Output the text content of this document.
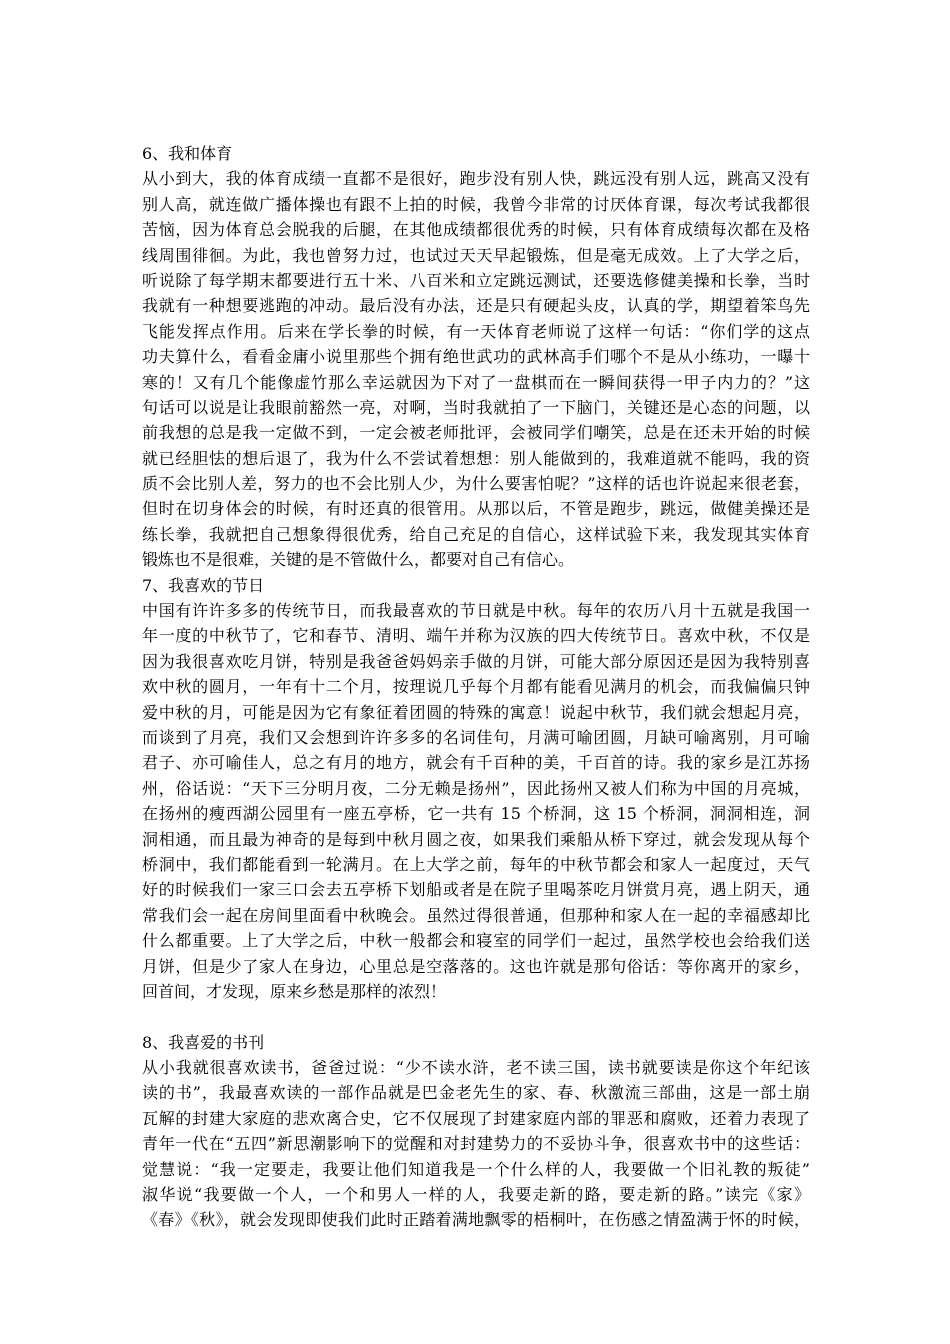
6、我和体育
从小到大，我的体育成绩一直都不是很好，跑步没有别人快，跳远没有别人远，跳高又没有
别人高，就连做广播体操也有跟不上拍的时候，我曾今非常的讨厌体育课，每次考试我都很
苦恼，因为体育总会脱我的后腿，在其他成绩都很优秀的时候，只有体育成绩每次都在及格
线周围徘徊。为此，我也曾努力过，也试过天天早起锻炼，但是毫无成效。上了大学之后，
听说除了每学期末都要进行五十米、八百米和立定跳远测试，还要选修健美操和长拳，当时
我就有一种想要逃跑的冲动。最后没有办法，还是只有硬起头皮，认真的学，期望着笨鸟先
飞能发挥点作用。后来在学长拳的时候，有一天体育老师说了这样一句话：“你们学的这点
功夫算什么，看看金庸小说里那些个拥有绝世武功的武林高手们哪个不是从小练功，一曝十
寒的！又有几个能像虚竹那么幸运就因为下对了一盘棋而在一瞬间获得一甲子内力的？”这
句话可以说是让我眼前豁然一亮，对啊，当时我就拍了一下脑门，关键还是心态的问题，以
前我想的总是我一定做不到，一定会被老师批评，会被同学们嘲笑，总是在还未开始的时候
就已经胆怯的想后退了，我为什么不尝试着想想：别人能做到的，我难道就不能吗，我的资
质不会比别人差，努力的也不会比别人少，为什么要害怕呢？”这样的话也许说起来很老套，
但时在切身体会的时候，有时还真的很管用。从那以后，不管是跑步，跳远，做健美操还是
练长拳，我就把自己想象得很优秀，给自己充足的自信心，这样试验下来，我发现其实体育
锻炼也不是很难，关键的是不管做什么，都要对自己有信心。
7、我喜欢的节日
中国有许许多多的传统节日，而我最喜欢的节日就是中秋。每年的农历八月十五就是我国一
年一度的中秋节了，它和春节、清明、端午并称为汉族的四大传统节日。喜欢中秋，不仅是
因为我很喜欢吃月饼，特别是我爸爸妈妈亲手做的月饼，可能大部分原因还是因为我特别喜
欢中秋的圆月，一年有十二个月，按理说几乎每个月都有能看见满月的机会，而我偏偏只钟
爱中秋的月，可能是因为它有象征着团圆的特殊的寓意！说起中秋节，我们就会想起月亮，
而谈到了月亮，我们又会想到许许多多的名词佳句，月满可喻团圆，月缺可喻离别，月可喻
君子、亦可喻佳人，总之有月的地方，就会有千百种的美，千百首的诗。我的家乡是江苏扬
州，俗话说：“天下三分明月夜，二分无赖是扬州”，因此扬州又被人们称为中国的月亮城，
在扬州的瘦西湖公园里有一座五亭桥，它一共有 15 个桥洞，这 15 个桥洞，洞洞相连，洞
洞相通，而且最为神奇的是每到中秋月圆之夜，如果我们乘船从桥下穿过，就会发现从每个
桥洞中，我们都能看到一轮满月。在上大学之前，每年的中秋节都会和家人一起度过，天气
好的时候我们一家三口会去五亭桥下划船或者是在院子里喝茶吃月饼赏月亮，遇上阴天，通
常我们会一起在房间里面看中秋晚会。虽然过得很普通，但那种和家人在一起的幸福感却比
什么都重要。上了大学之后，中秋一般都会和寝室的同学们一起过，虽然学校也会给我们送
月饼，但是少了家人在身边，心里总是空落落的。这也许就是那句俗话：等你离开的家乡，
回首间，才发现，原来乡愁是那样的浓烈！
8、我喜爱的书刊
从小我就很喜欢读书，爸爸过说：“少不读水浒，老不读三国，读书就要读是你这个年纪该
读的书”，我最喜欢读的一部作品就是巴金老先生的家、春、秋激流三部曲，这是一部土崩
瓦解的封建大家庭的悲欢离合史，它不仅展现了封建家庭内部的罪恶和腐败，还着力表现了
青年一代在“五四”新思潮影响下的觉醒和对封建势力的不妥协斗争，很喜欢书中的这些话：
觉慧说：“我一定要走，我要让他们知道我是一个什么样的人，我要做一个旧礼教的叛徒”
淑华说“我要做一个人，一个和男人一样的人，我要走新的路，要走新的路。”读完《家》
《春》《秋》，就会发现即使我们此时正踏着满地飘零的梧桐叶，在伤感之情盈满于怀的时候，
